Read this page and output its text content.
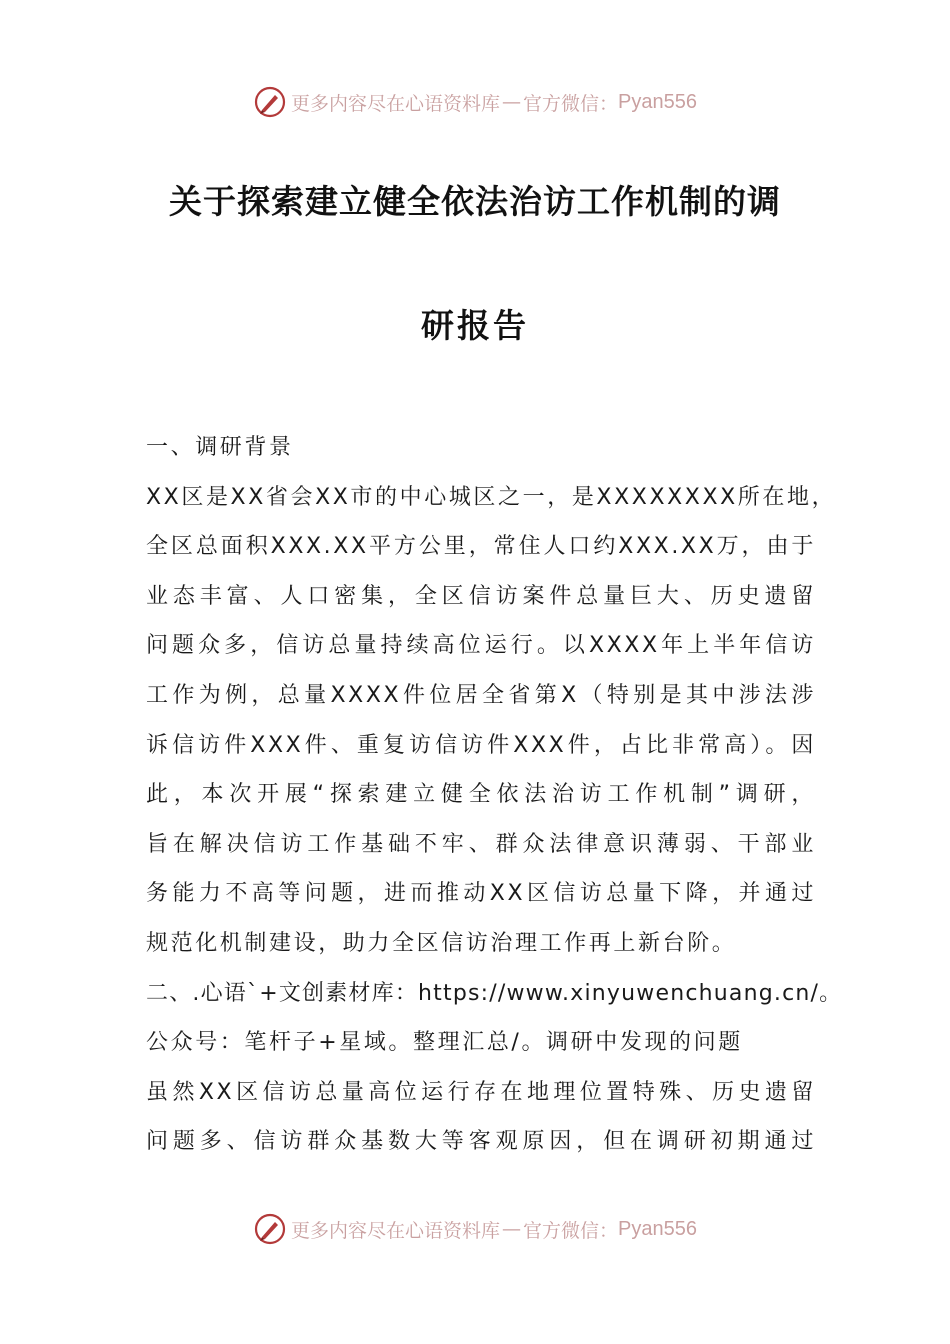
更多内容尽在心语资料库 — 官方微信： Pyan556
关于探索建立健全依法治访工作机制的调
研报告
一、调研背景
XX区是XX省会XX市的中心城区之一，是XXXXXXXX所在地，
全区总面积XXX.XX平方公里，常住人口约XXX.XX万，由于
业态丰富、人口密集，全区信访案件总量巨大、历史遗留
问题众多，信访总量持续高位运行。以XXXX年上半年信访
工作为例，总量XXXX件位居全省第X（特别是其中涉法涉
诉信访件XXX件、重复访信访件XXX件，占比非常高）。因
此，本次开展“探索建立健全依法治访工作机制”调研，
旨在解决信访工作基础不牢、群众法律意识薄弱、干部业
务能力不高等问题，进而推动XX区信访总量下降，并通过
规范化机制建设，助力全区信访治理工作再上新台阶。
二、.心语`+文创素材库：https://www.xinyuwenchuang.cn/。
公众号：笔杆子+星域。整理汇总/。调研中发现的问题
虽然XX区信访总量高位运行存在地理位置特殊、历史遗留
问题多、信访群众基数大等客观原因，但在调研初期通过
更多内容尽在心语资料库 — 官方微信： Pyan556
